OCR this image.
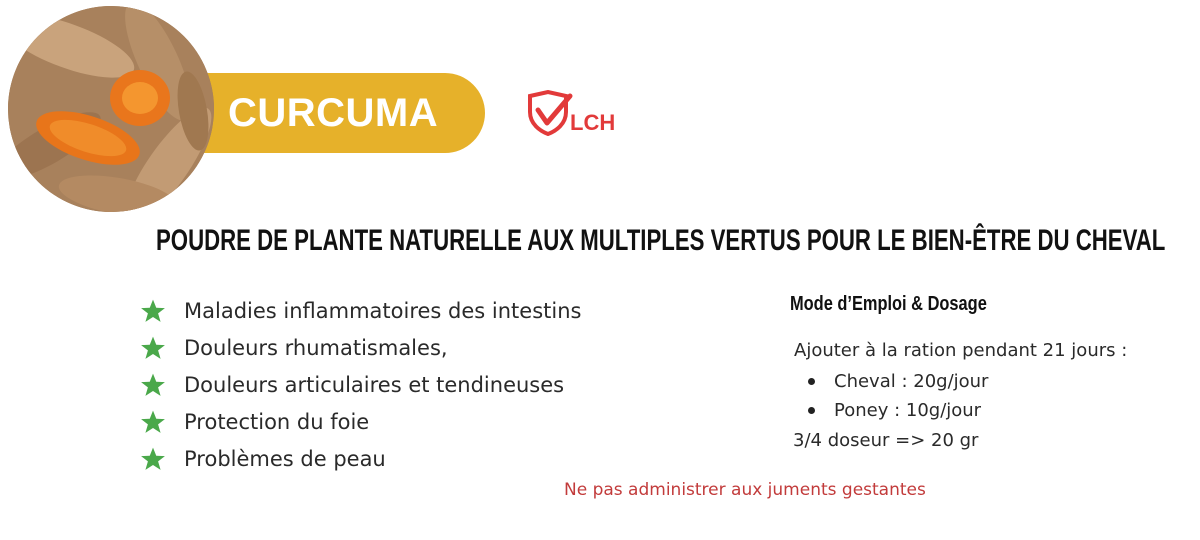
CURCUMA	LCH
POUDRE DE PLANTE NATURELLE AUX MULTIPLES VERTUS POUR LE BIEN-ÊTRE DU CHEVAL
Maladies inflammatoires des intestins
Douleurs rhumatismales,
Douleurs articulaires et tendineuses
Protection du foie
Problèmes de peau
Mode d’Emploi & Dosage
Ajouter à la ration pendant 21 jours :
Cheval : 20g/jour
Poney : 10g/jour
3/4 doseur => 20 gr
Ne pas administrer aux juments gestantes
